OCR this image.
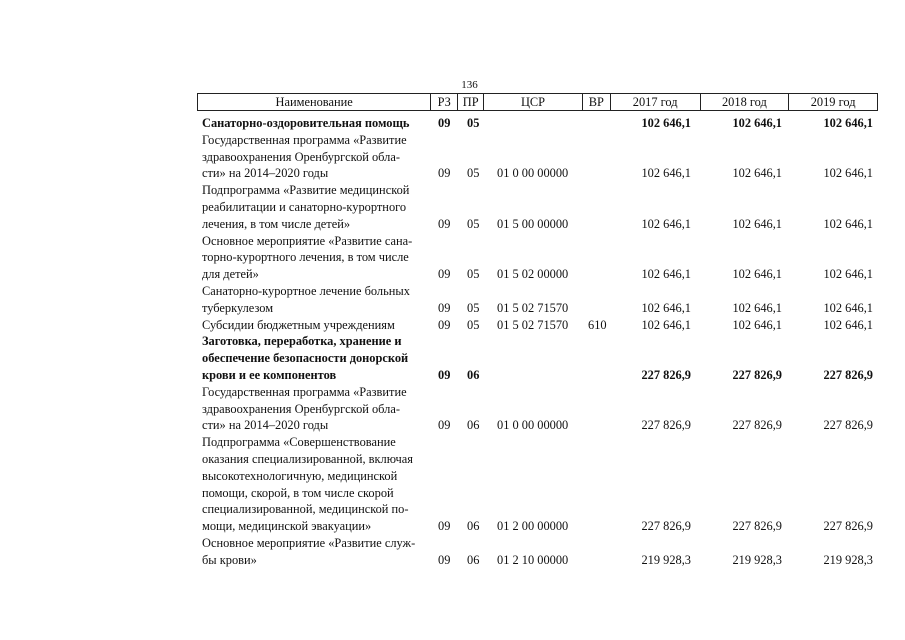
136
Наименование	РЗ ПР	ЦСР	ВР	2017 год	2018 год	2019 год
Санаторно-оздоровительная помощь	09 05	102 646,1	102 646,1	102 646,1
Государственная программа «Развитие здравоохранения Оренбургской обла-сти» на 2014–2020 годы	09 05 01 0 00 00000	102 646,1	102 646,1	102 646,1
Подпрограмма «Развитие медицинской реабилитации и санаторно-курортного лечения, в том числе детей»	09 05 01 5 00 00000	102 646,1	102 646,1	102 646,1
Основное мероприятие «Развитие сана-торно-курортного лечения, в том числе для детей»	09 05 01 5 02 00000	102 646,1	102 646,1	102 646,1
Санаторно-курортное лечение больных туберкулезом	09 05 01 5 02 71570	102 646,1	102 646,1	102 646,1
Субсидии бюджетным учреждениям	09 05 01 5 02 71570 610	102 646,1	102 646,1	102 646,1
Заготовка, переработка, хранение и обеспечение безопасности донорской крови и ее компонентов	09 06	227 826,9	227 826,9	227 826,9
Государственная программа «Развитие здравоохранения Оренбургской обла-сти» на 2014–2020 годы	09 06 01 0 00 00000	227 826,9	227 826,9	227 826,9
Подпрограмма «Совершенствование оказания специализированной, включая высокотехнологичную, медицинской помощи, скорой, в том числе скорой специализированной, медицинской по-мощи, медицинской эвакуации»	09 06 01 2 00 00000	227 826,9	227 826,9	227 826,9
Основное мероприятие «Развитие служ-бы крови»	09 06 01 2 10 00000	219 928,3	219 928,3	219 928,3
